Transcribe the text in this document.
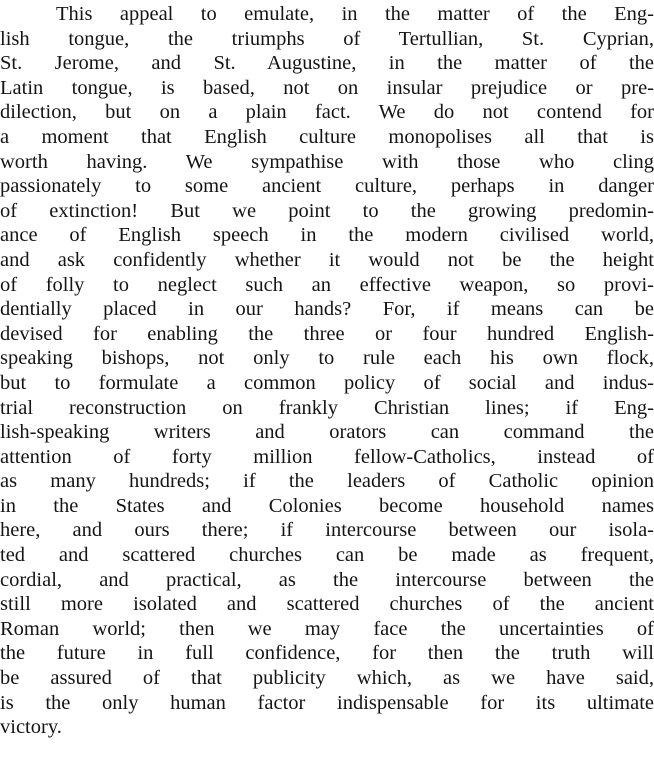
This appeal to emulate, in the matter of the Eng-
lish tongue, the triumphs of Tertullian, St. Cyprian,
St. Jerome, and St. Augustine, in the matter of the
Latin tongue, is based, not on insular prejudice or pre-
dilection, but on a plain fact. We do not contend for
a moment that English culture monopolises all that is
worth having. We sympathise with those who cling
passionately to some ancient culture, perhaps in danger
of extinction! But we point to the growing predomin-
ance of English speech in the modern civilised world,
and ask confidently whether it would not be the height
of folly to neglect such an effective weapon, so provi-
dentially placed in our hands? For, if means can be
devised for enabling the three or four hundred English-
speaking bishops, not only to rule each his own flock,
but to formulate a common policy of social and indus-
trial reconstruction on frankly Christian lines; if Eng-
lish-speaking writers and orators can command the
attention of forty million fellow-Catholics, instead of
as many hundreds; if the leaders of Catholic opinion
in the States and Colonies become household names
here, and ours there; if intercourse between our isola-
ted and scattered churches can be made as frequent,
cordial, and practical, as the intercourse between the
still more isolated and scattered churches of the ancient
Roman world; then we may face the uncertainties of
the future in full confidence, for then the truth will
be assured of that publicity which, as we have said,
is the only human factor indispensable for its ultimate
victory.
